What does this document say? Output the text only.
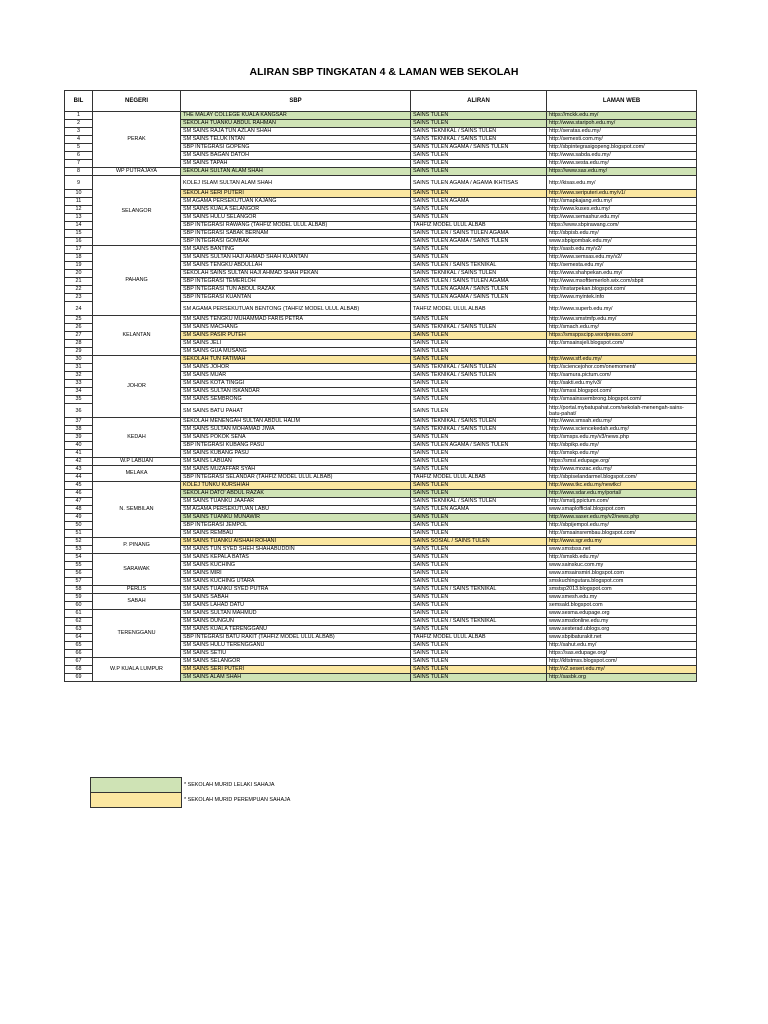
ALIRAN SBP TINGKATAN 4 & LAMAN WEB SEKOLAH
BIL	NEGERI	SBP	ALIRAN	LAMAN WEB
1	PERAK	THE MALAY COLLEGE KUALA KANGSAR	SAINS TULEN	https://mckk.edu.my/
2		SEKOLAH TUANKU ABDUL RAHMAN	SAINS TULEN	http://www.staripoh.edu.my/
3		SM SAINS RAJA TUN AZLAN SHAH	SAINS TEKNIKAL / SAINS TULEN	http://seratas.edu.my/
4		SM SAINS TELUK INTAN	SAINS TEKNIKAL / SAINS TULEN	http://semesti.com.my/
5		SBP INTEGRASI GOPENG	SAINS TULEN AGAMA / SAINS TULEN	http://sbpintegrasigopeng.blogspot.com/
6		SM SAINS BAGAN DATOH	SAINS TULEN	http://www.sabda.edu.my/
7		SM SAINS TAPAH	SAINS TULEN	http://www.sesta.edu.my/
8	WP PUTRAJAYA	SEKOLAH SULTAN ALAM SHAH	SAINS TULEN	https://www.sas.edu.my/
9	SELANGOR	KOLEJ ISLAM SULTAN ALAM SHAH	SAINS TULEN AGAMA / AGAMA IKHTISAS	http://kisas.edu.my/
10		SEKOLAH SERI PUTERI	SAINS TULEN	http://www.seriputeri.edu.my/v1/
11		SM AGAMA PERSEKUTUAN KAJANG	SAINS TULEN AGAMA	http://smapkajang.edu.my/
12		SM SAINS KUALA SELANGOR	SAINS TULEN	http://www.kuses.edu.my/
13		SM SAINS HULU SELANGOR	SAINS TULEN	http://www.semashur.edu.my/
14		SBP INTEGRASI RAWANG (TAHFIZ MODEL ULUL ALBAB)	TAHFIZ MODEL ULUL ALBAB	https://www.sbpirawang.com/
15		SBP INTEGRASI SABAK BERNAM	SAINS TULEN / SAINS TULEN AGAMA	http://sbpisb.edu.my/
16		SBP INTEGRASI GOMBAK	SAINS TULEN AGAMA / SAINS TULEN	www.sbpigombak.edu.my/
17	PAHANG	SM SAINS BANTING	SAINS TULEN	http://sasb.edu.my/v2/
18		SM SAINS SULTAN HAJI AHMAD SHAH KUANTAN	SAINS TULEN	http://www.semsas.edu.my/v2/
19		SM SAINS TENGKU ABDULLAH	SAINS TULEN / SAINS TEKNIKAL	http://semesta.edu.my/
20		SEKOLAH SAINS SULTAN HAJI AHMAD SHAH PEKAN	SAINS TEKNIKAL / SAINS TULEN	http://www.shahpekan.edu.my/
21		SBP INTEGRASI TEMERLOH	SAINS TULEN / SAINS TULEN AGAMA	http://www.msofttemerloh.wix.com/sbpit
22		SBP INTEGRASI TUN ABDUL RAZAK	SAINS TULEN AGAMA / SAINS TULEN	http://instarpekan.blogspot.com/
23		SBP INTEGRASI KUANTAN	SAINS TULEN AGAMA / SAINS TULEN	http://www.myintek.info
24		SM AGAMA PERSEKUTUAN BENTONG (TAHFIZ MODEL ULUL ALBAB)	TAHFIZ MODEL ULUL ALBAB	http://www.superb.edu.my/
25	KELANTAN	SM SAINS TENGKU MUHAMMAD FARIS PETRA	SAINS TULEN	http://www.smstmfp.edu.my/
26		SM SAINS MACHANG	SAINS TEKNIKAL / SAINS TULEN	http://smach.edu.my/
27		SM SAINS PASIR PUTEH	SAINS TULEN	https://smsppscipp.wordpress.com/
28		SM SAINS JELI	SAINS TULEN	http://smsainsjeli.blogspot.com/
29		SM SAINS GUA MUSANG	SAINS TULEN	
30	JOHOR	SEKOLAH TUN FATIMAH	SAINS TULEN	http://www.stf.edu.my/
31		SM SAINS JOHOR	SAINS TEKNIKAL / SAINS TULEN	http://sciencejohor.com/onemoment/
32		SM SAINS MUAR	SAINS TEKNIKAL / SAINS TULEN	http://samura.pictum.com/
33		SM SAINS KOTA TINGGI	SAINS TULEN	http://sakti.edu.my/v3/
34		SM SAINS SULTAN ISKANDAR	SAINS TULEN	http://smssi.blogspot.com/
35		SM SAINS SEMBRONG	SAINS TULEN	http://smsainssembrong.blogspot.com/
36		SM SAINS BATU PAHAT	SAINS TULEN	http://portal.mybatupahat.com/sekolah-menengah-sains-batu-pahat/
37	KEDAH	SEKOLAH MENENGAH SULTAN ABDUL HALIM	SAINS TEKNIKAL / SAINS TULEN	http://www.smsah.edu.my/
38		SM SAINS SULTAN MOHAMAD JIWA	SAINS TEKNIKAL / SAINS TULEN	http://www.sciencekedah.edu.my/
39		SM SAINS POKOK SENA	SAINS TULEN	http://smsps.edu.my/v3/news.php
40		SBP INTEGRASI KUBANG PASU	SAINS TULEN AGAMA / SAINS TULEN	http://sbpikp.edu.my/
41		SM SAINS KUBANG PASU	SAINS TULEN	http://smskp.edu.my/
42	W.P LABUAN	SM SAINS LABUAN	SAINS TULEN	https://smsl.edupage.org/
43	MELAKA	SM SAINS MUZAFFAR SYAH	SAINS TULEN	http://www.mozac.edu.my/
44		SBP INTEGRASI SELANDAR (TAHFIZ MODEL ULUL ALBAB)	TAHFIZ MODEL ULUL ALBAB	http://sbpiselandarmel.blogspot.com/
45	N. SEMBILAN	KOLEJ TUNKU KURSHIAH	SAINS TULEN	http://www.tkc.edu.my/newtkc/
46		SEKOLAH DATO' ABDUL RAZAK	SAINS TULEN	http://www.sdar.edu.my/portal/
47		SM SAINS TUANKU JAAFAR	SAINS TEKNIKAL / SAINS TULEN	http://smstj.ppictum.com/
48		SM AGAMA PERSEKUTUAN LABU	SAINS TULEN AGAMA	www.smaplofficial.blogspot.com
49		SM SAINS TUANKU MUNAWIR	SAINS TULEN	http://www.saser.edu.my/v2/news.php
50		SBP INTEGRASI JEMPOL	SAINS TULEN	http://sbpijempol.edu.my/
51		SM SAINS REMBAU	SAINS TULEN	http://smsainsrembau.blogspot.com/
52	P. PINANG	SM SAINS TUANKU AISHAH ROHANI	SAINS SOSIAL / SAINS TULEN	http://www.sgr.edu.my
53		SM SAINS TUN SYED SHEH SHAHABUDDIN	SAINS TULEN	www.smstsss.net
54	SARAWAK	SM SAINS KEPALA BATAS	SAINS TULEN	http://smskb.edu.my/
55		SM SAINS KUCHING	SAINS TULEN	www.sainskuc.com.my
56		SM SAINS MIRI	SAINS TULEN	www.smsainsmiri.blogspot.com
57		SM SAINS KUCHING UTARA	SAINS TULEN	smskuchingutara.blogspot.com
58	PERLIS	SM SAINS TUANKU SYED PUTRA	SAINS TULEN / SAINS TEKNIKAL	smstsp2013.blogspot.com
59	SABAH	SM SAINS SABAH	SAINS TULEN	www.smesh.edu.my
60		SM SAINS LAHAD DATU	SAINS TULEN	semsald.blogspot.com
61	TERENGGANU	SM SAINS SULTAN MAHMUD	SAINS TULEN	www.sesma.edupage.org
62		SM SAINS DUNGUN	SAINS TULEN / SAINS TEKNIKAL	www.smsdonline.edu.my
63		SM SAINS KUALA TERENGGANU	SAINS TULEN	www.sesterad.ublogs.org
64		SBP INTEGRASI BATU RAKIT (TAHFIZ MODEL ULUL ALBAB)	TAHFIZ MODEL ULUL ALBAB	www.sbpibaturakit.net
65		SM SAINS HULU TERENGGANU	SAINS TULEN	http://sahut.edu.my/
66		SM SAINS SETIU	SAINS TULEN	https://sas.edupage.org/
67	W.P KUALA LUMPUR	SM SAINS SELANGOR	SAINS TULEN	http://kltstmss.blogspot.com/
68		SM SAINS SERI PUTERI	SAINS TULEN	http://v2.seseri.edu.my/
69		SM SAINS ALAM SHAH	SAINS TULEN	http://sasbk.org
	* SEKOLAH MURID LELAKI SAHAJA
	* SEKOLAH MURID PEREMPUAN SAHAJA
